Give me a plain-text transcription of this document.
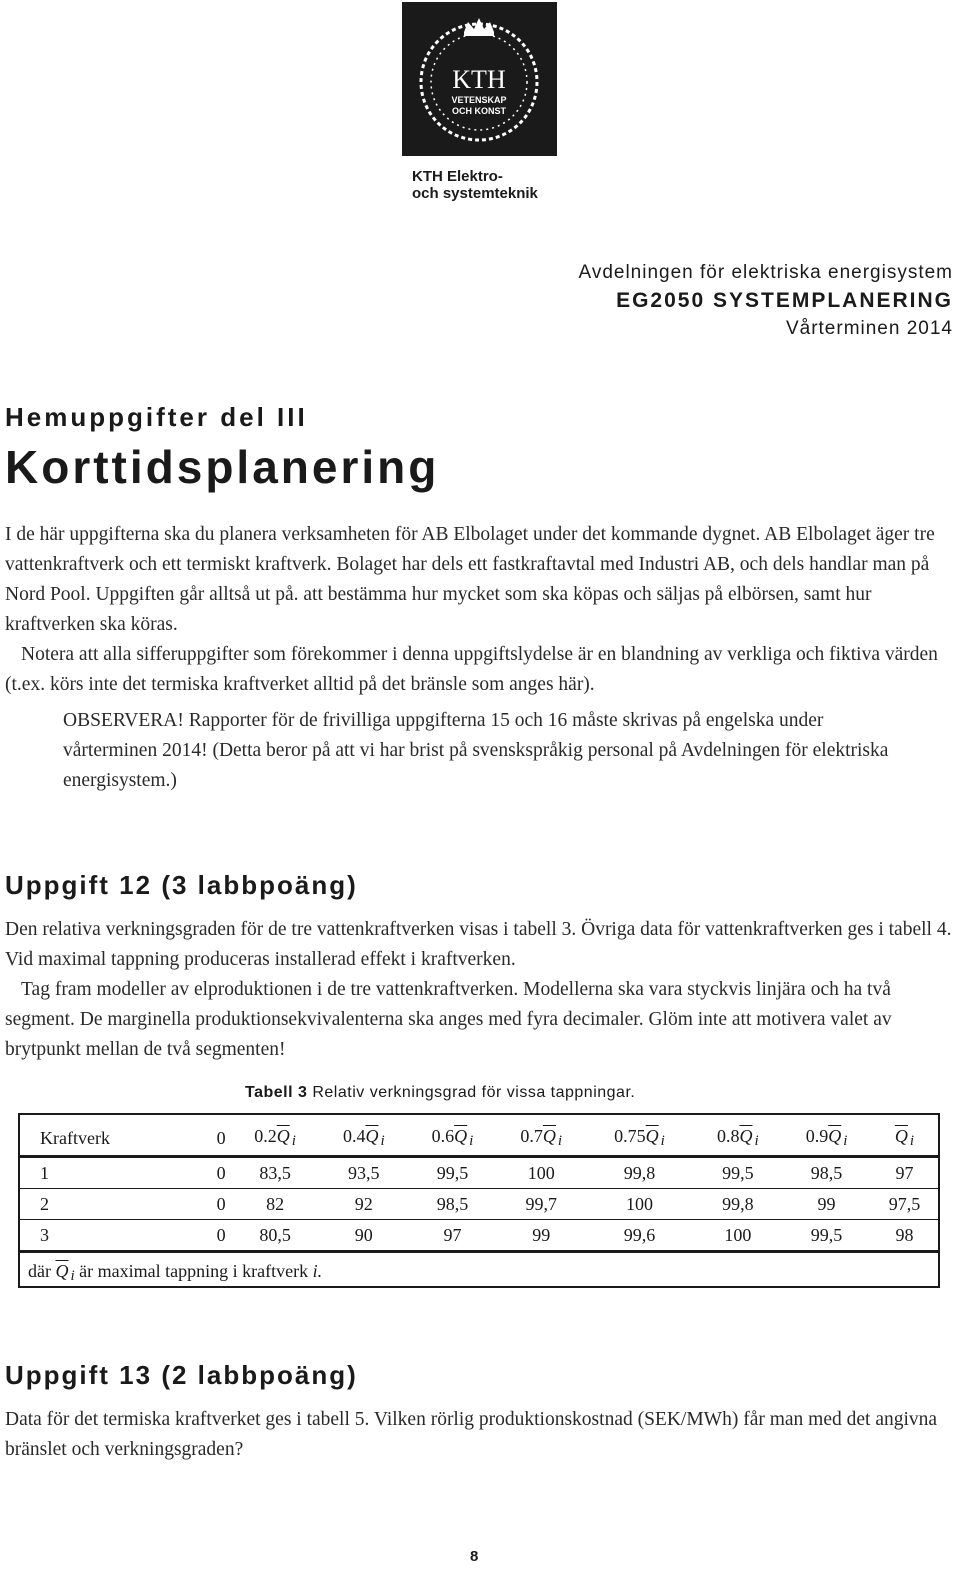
KTH
VETENSKAP
OCH KONST
KTH Elektro-
och systemteknik
Avdelningen för elektriska energisystem
EG2050 SYSTEMPLANERING
Vårterminen 2014
Hemuppgifter del III
Korttidsplanering

I de här uppgifterna ska du planera verksamheten för AB Elbolaget under det kommande dygnet. AB Elbolaget äger tre vattenkraftverk och ett termiskt kraftverk. Bolaget har dels ett fastkraftavtal med Industri AB, och dels handlar man på Nord Pool. Uppgiften går alltså ut på. att bestämma hur mycket som ska köpas och säljas på elbörsen, samt hur kraftverken ska köras.

Notera att alla sifferuppgifter som förekommer i denna uppgiftslydelse är en blandning av verkliga och fiktiva värden (t.ex. körs inte det termiska kraftverket alltid på det bränsle som anges här).

OBSERVERA! Rapporter för de frivilliga uppgifterna 15 och 16 måste skrivas på engelska under vårterminen 2014! (Detta beror på att vi har brist på svenskspråkig personal på Avdelningen för elektriska energisystem.)

Uppgift 12 (3 labbpoäng)

Den relativa verkningsgraden för de tre vattenkraftverken visas i tabell 3. Övriga data för vattenkraftverken ges i tabell 4. Vid maximal tappning produceras installerad effekt i kraftverken.

Tag fram modeller av elproduktionen i de tre vattenkraftverken. Modellerna ska vara styckvis linjära och ha två segment. De marginella produktionsekvivalenterna ska anges med fyra decimaler. Glöm inte att motivera valet av brytpunkt mellan de två segmenten!

Tabell 3 Relativ verkningsgrad för vissa tappningar.
Kraftverk	0	$0.2\overline{Q}$ i	$0.4\overline{Q}$ i	$0.6\overline{Q}$ i	$0.7\overline{Q}$ i	$0.75\overline{Q}$ i	$0.8\overline{Q}$ i	$0.9\overline{Q}$ i	$\overline{Q}$ i
1	0	83,5	93,5	99,5	100	99,8	99,5	98,5	97
2	0	82	92	98,5	99,7	100	99,8	99	97,5
3	0	80,5	90	97	99	99,6	100	99,5	98
där $\overline{Q}$ i är maximal tappning i kraftverk i.
Uppgift 13 (2 labbpoäng)

Data för det termiska kraftverket ges i tabell 5. Vilken rörlig produktionskostnad (SEK/MWh) får man med det angivna bränslet och verkningsgraden?

8
